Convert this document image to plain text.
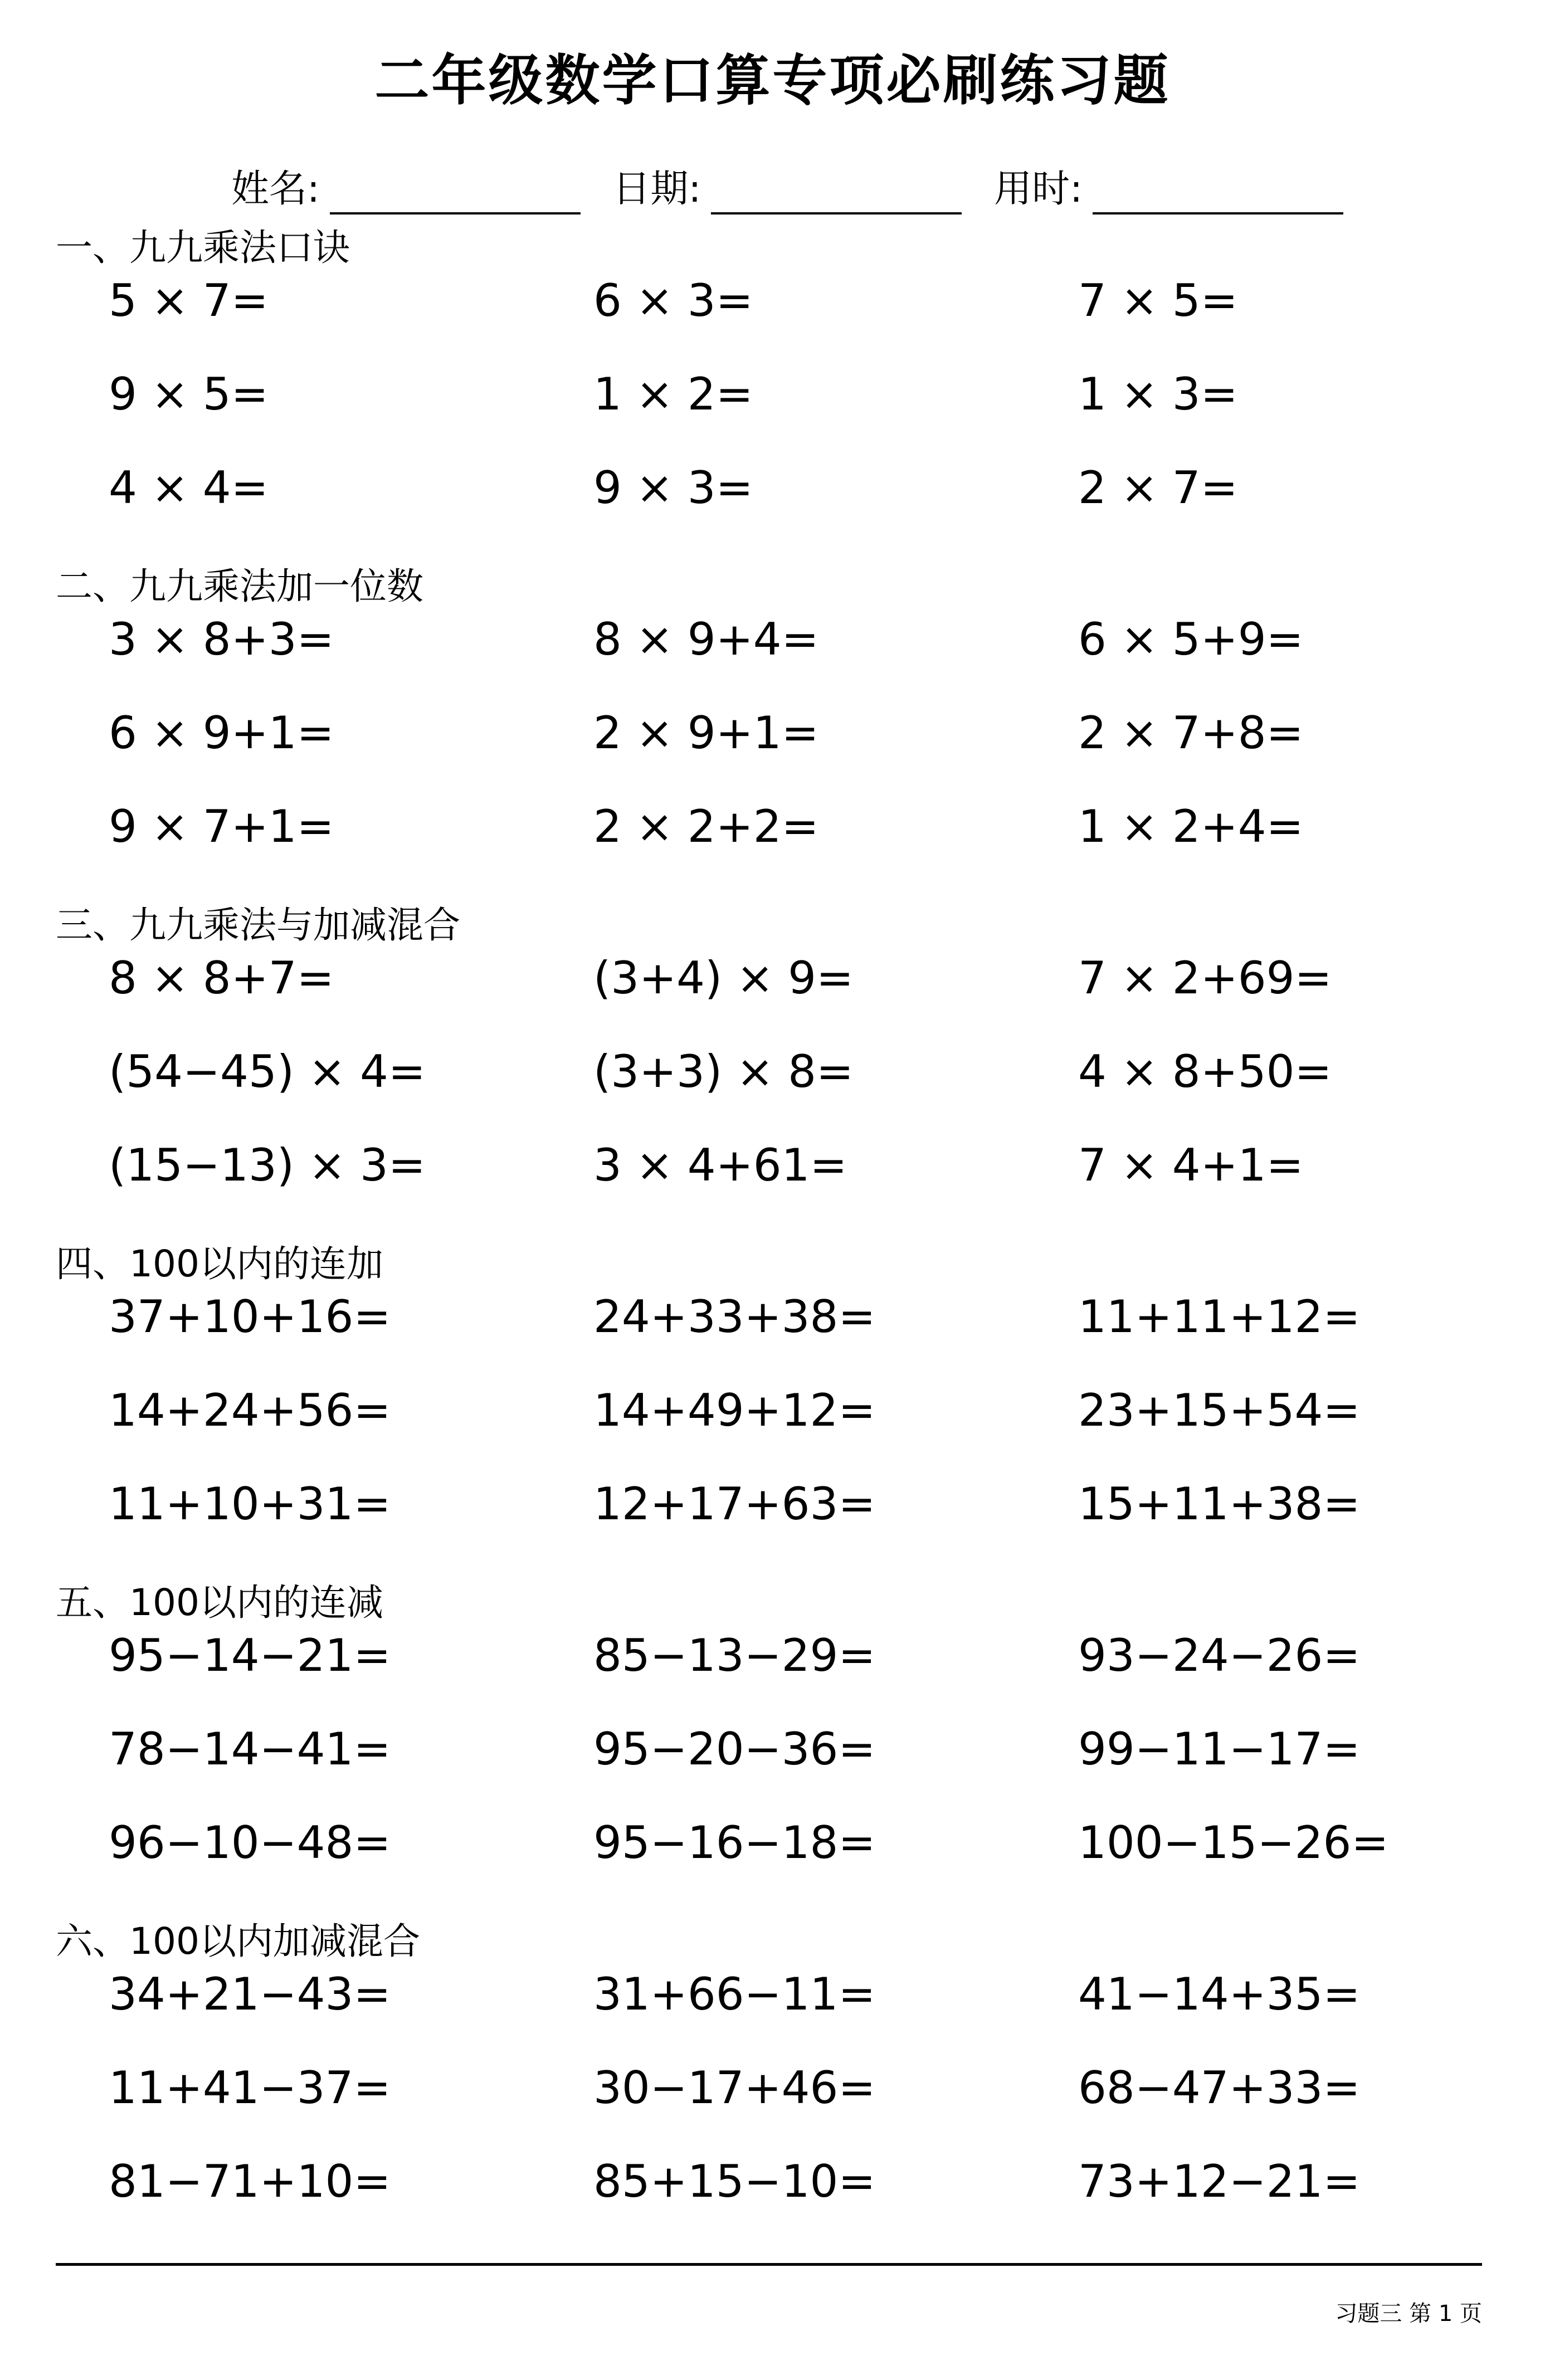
二年级数学口算专项必刷练习题
姓名:	日期:	用时:
一、九九乘法口诀
5 × 7=	6 × 3=	7 × 5=
9 × 5=	1 × 2=	1 × 3=
4 × 4=	9 × 3=	2 × 7=
二、九九乘法加一位数
3 × 8+3=	8 × 9+4=	6 × 5+9=
6 × 9+1=	2 × 9+1=	2 × 7+8=
9 × 7+1=	2 × 2+2=	1 × 2+4=
三、九九乘法与加减混合
8 × 8+7=	(3+4) × 9=	7 × 2+69=
(54−45) × 4=	(3+3) × 8=	4 × 8+50=
(15−13) × 3=	3 × 4+61=	7 × 4+1=
四、100以内的连加
37+10+16=	24+33+38=	11+11+12=
14+24+56=	14+49+12=	23+15+54=
11+10+31=	12+17+63=	15+11+38=
五、100以内的连减
95−14−21=	85−13−29=	93−24−26=
78−14−41=	95−20−36=	99−11−17=
96−10−48=	95−16−18=	100−15−26=
六、100以内加减混合
34+21−43=	31+66−11=	41−14+35=
11+41−37=	30−17+46=	68−47+33=
81−71+10=	85+15−10=	73+12−21=
习题三 第 1 页
